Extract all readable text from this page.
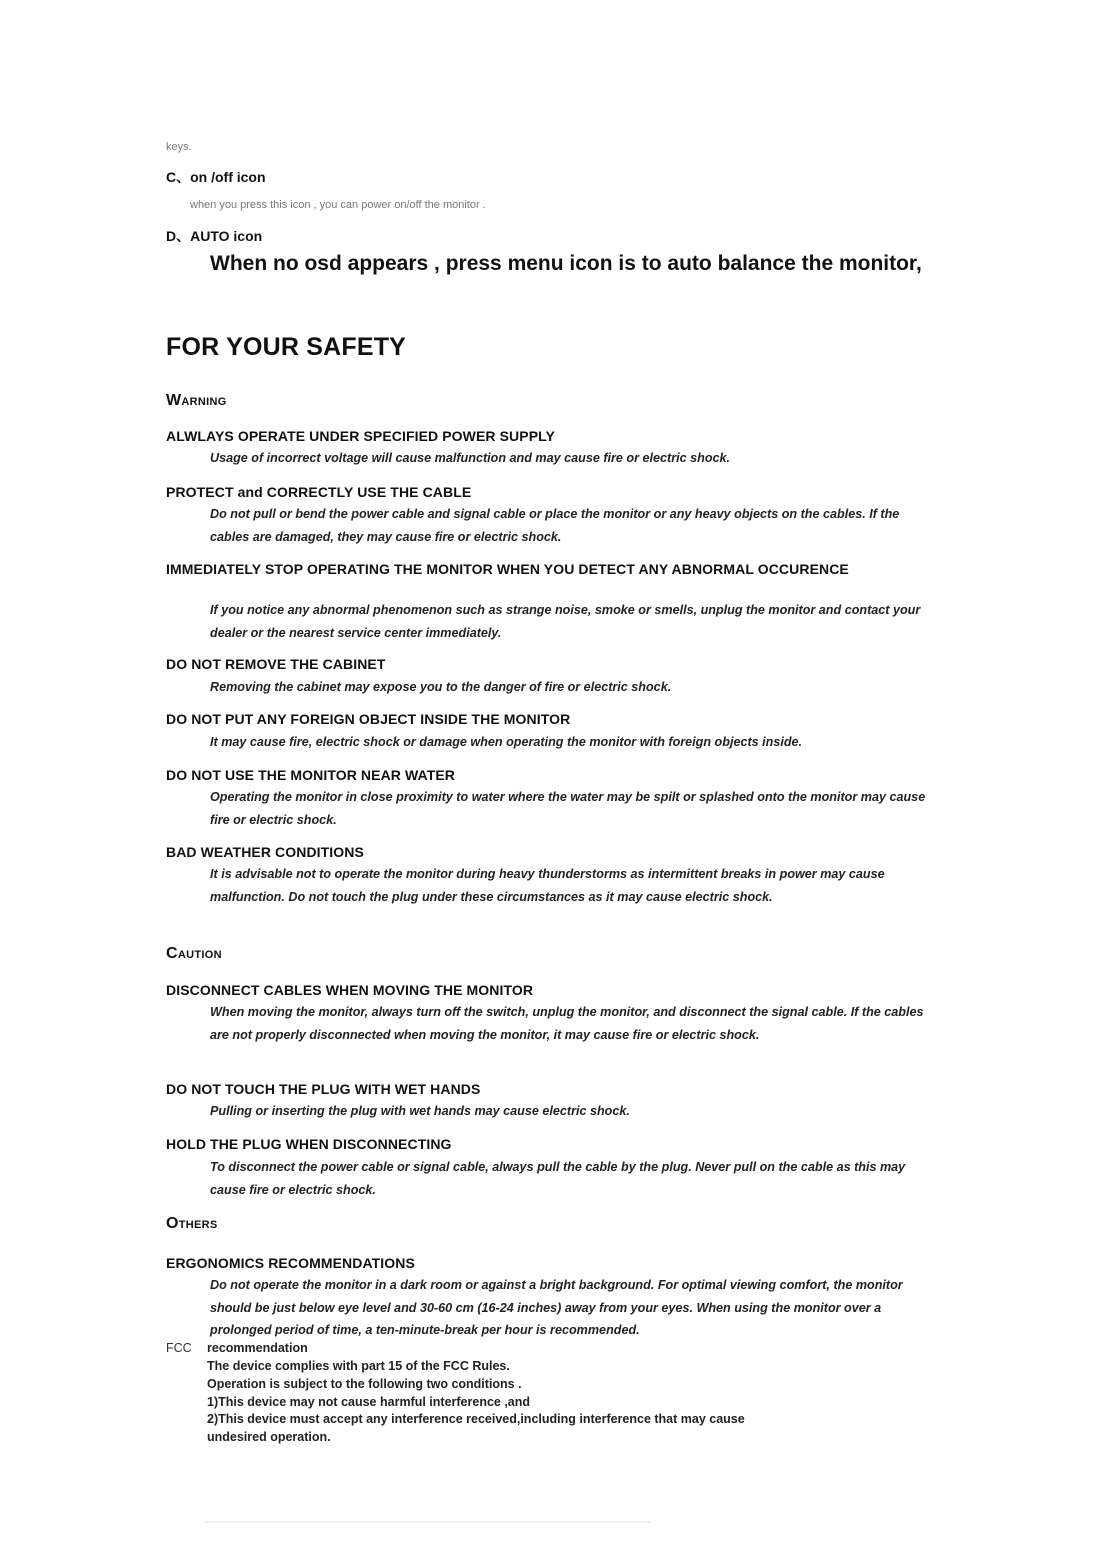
keys.
C、on /off icon
when you press this icon , you can power on/off the monitor .
D、AUTO icon
When no osd appears , press menu icon is to auto balance the monitor,
FOR YOUR SAFETY
Warning
ALWLAYS OPERATE UNDER SPECIFIED POWER SUPPLY
Usage of incorrect voltage will cause malfunction and may cause fire or electric shock.
PROTECT and CORRECTLY USE THE CABLE
Do not pull or bend the power cable and signal cable or place the monitor or any heavy objects on the cables. If the cables are damaged, they may cause fire or electric shock.
IMMEDIATELY STOP OPERATING THE MONITOR WHEN YOU DETECT ANY ABNORMAL OCCURENCE
If you notice any abnormal phenomenon such as strange noise, smoke or smells, unplug the monitor and contact your dealer or the nearest service center immediately.
DO NOT REMOVE THE CABINET
Removing the cabinet may expose you to the danger of fire or electric shock.
DO NOT PUT ANY FOREIGN OBJECT INSIDE THE MONITOR
It may cause fire, electric shock or damage when operating the monitor with foreign objects inside.
DO NOT USE THE MONITOR NEAR WATER
Operating the monitor in close proximity to water where the water may be spilt or splashed onto the monitor may cause fire or electric shock.
BAD WEATHER CONDITIONS
It is advisable not to operate the monitor during heavy thunderstorms as intermittent breaks in power may cause malfunction. Do not touch the plug under these circumstances as it may cause electric shock.
Caution
DISCONNECT CABLES WHEN MOVING THE MONITOR
When moving the monitor, always turn off the switch, unplug the monitor, and disconnect the signal cable. If the cables are not properly disconnected when moving the monitor, it may cause fire or electric shock.
DO NOT TOUCH THE PLUG WITH WET HANDS
Pulling or inserting the plug with wet hands may cause electric shock.
HOLD THE PLUG WHEN DISCONNECTING
To disconnect the power cable or signal cable, always pull the cable by the plug. Never pull on the cable as this may cause fire or electric shock.
Others
ERGONOMICS RECOMMENDATIONS
Do not operate the monitor in a dark room or against a bright background. For optimal viewing comfort, the monitor should be just below eye level and 30-60 cm (16-24 inches) away from your eyes. When using the monitor over a prolonged period of time, a ten-minute-break per hour is recommended.
FCC recommendation
The device complies with part 15 of the FCC Rules.
Operation is subject to the following two conditions .
1)This device may not cause harmful interference ,and
2)This device must accept any interference received,including interference that may cause
undesired operation.
